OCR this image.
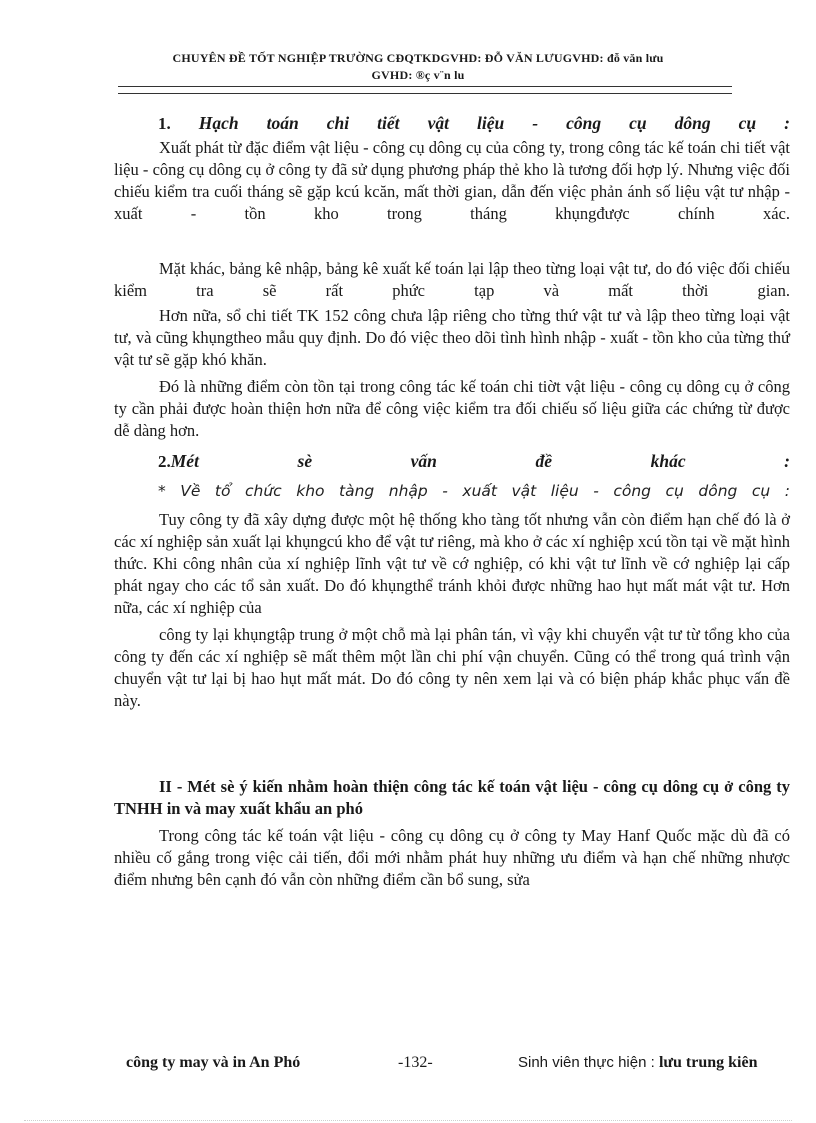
CHUYÊN ĐỀ TỐT NGHIỆP TRƯỜNG CĐQTKDGVHD: ĐỖ VĂN LƯUGVHD: đỗ văn lưu
GVHD: ®ç v¨n lu
1. Hạch toán chi tiết vật liệu - công cụ dông cụ :

Xuất phát từ đặc điểm vật liệu - công cụ dông cụ của công ty, trong công tác kế toán chi tiết vật liệu - công cụ dông cụ ở công ty đã sử dụng phương pháp thẻ kho là tương đối hợp lý. Nhưng việc đối chiếu kiểm tra cuối tháng sẽ gặp kcú kcăn, mất thời gian, dẫn đến việc phản ánh số liệu vật tư nhập - xuất - tồn kho trong tháng khụngđược chính xác.

Mặt khác, bảng kê nhập, bảng kê xuất kế toán lại lập theo từng loại vật tư, do đó việc đối chiếu kiểm tra sẽ rất phức tạp và mất thời gian.

Hơn nữa, sổ chi tiết TK 152 công chưa lập riêng cho từng thứ vật tư và lập theo từng loại vật tư, và cũng khụngtheo mẫu quy định. Do đó việc theo dõi tình hình nhập - xuất - tồn kho của từng thứ vật tư sẽ gặp khó khăn.

Đó là những điểm còn tồn tại trong công tác kế toán chi tiờt vật liệu - công cụ dông cụ ở công ty cần phải được hoàn thiện hơn nữa để công việc kiểm tra đối chiếu số liệu giữa các chứng từ được dễ dàng hơn.

2.Mét sè vấn đề khác :
* Về tổ chức kho tàng nhập - xuất vật liệu - công cụ dông cụ :

Tuy công ty đã xây dựng được một hệ thống kho tàng tốt nhưng vẫn còn điểm hạn chế đó là ở các xí nghiệp sản xuất lại khụngcú kho để vật tư riêng, mà kho ở các xí nghiệp xcú tồn tại về mặt hình thức. Khi công nhân của xí nghiệp lĩnh vật tư về cớ nghiệp, có khi vật tư lĩnh về cớ nghiệp lại cấp phát ngay cho các tổ sản xuất. Do đó khụngthể tránh khỏi được những hao hụt mất mát vật tư. Hơn nữa, các xí nghiệp của

công ty lại khụngtập trung ở một chỗ mà lại phân tán, vì vậy khi chuyển vật tư từ tổng kho của công ty đến các xí nghiệp sẽ mất thêm một lần chi phí vận chuyển. Cũng có thể trong quá trình vận chuyển vật tư lại bị hao hụt mất mát. Do đó công ty nên xem lại và có biện pháp khắc phục vấn đề này.

II - Mét sè ý kiến nhằm hoàn thiện công tác kế toán vật liệu - công cụ dông cụ ở công ty TNHH in và may xuất khẩu an phó

Trong công tác kế toán vật liệu - công cụ dông cụ ở công ty May Hanf Quốc mặc dù đã có nhiều cố gắng trong việc cải tiến, đổi mới nhằm phát huy những ưu điểm và hạn chế những nhược điểm nhưng bên cạnh đó vẫn còn những điểm cần bổ sung, sửa

công ty may và in An Phó	-132-	Sinh viên thực hiện : lưu trung kiên
